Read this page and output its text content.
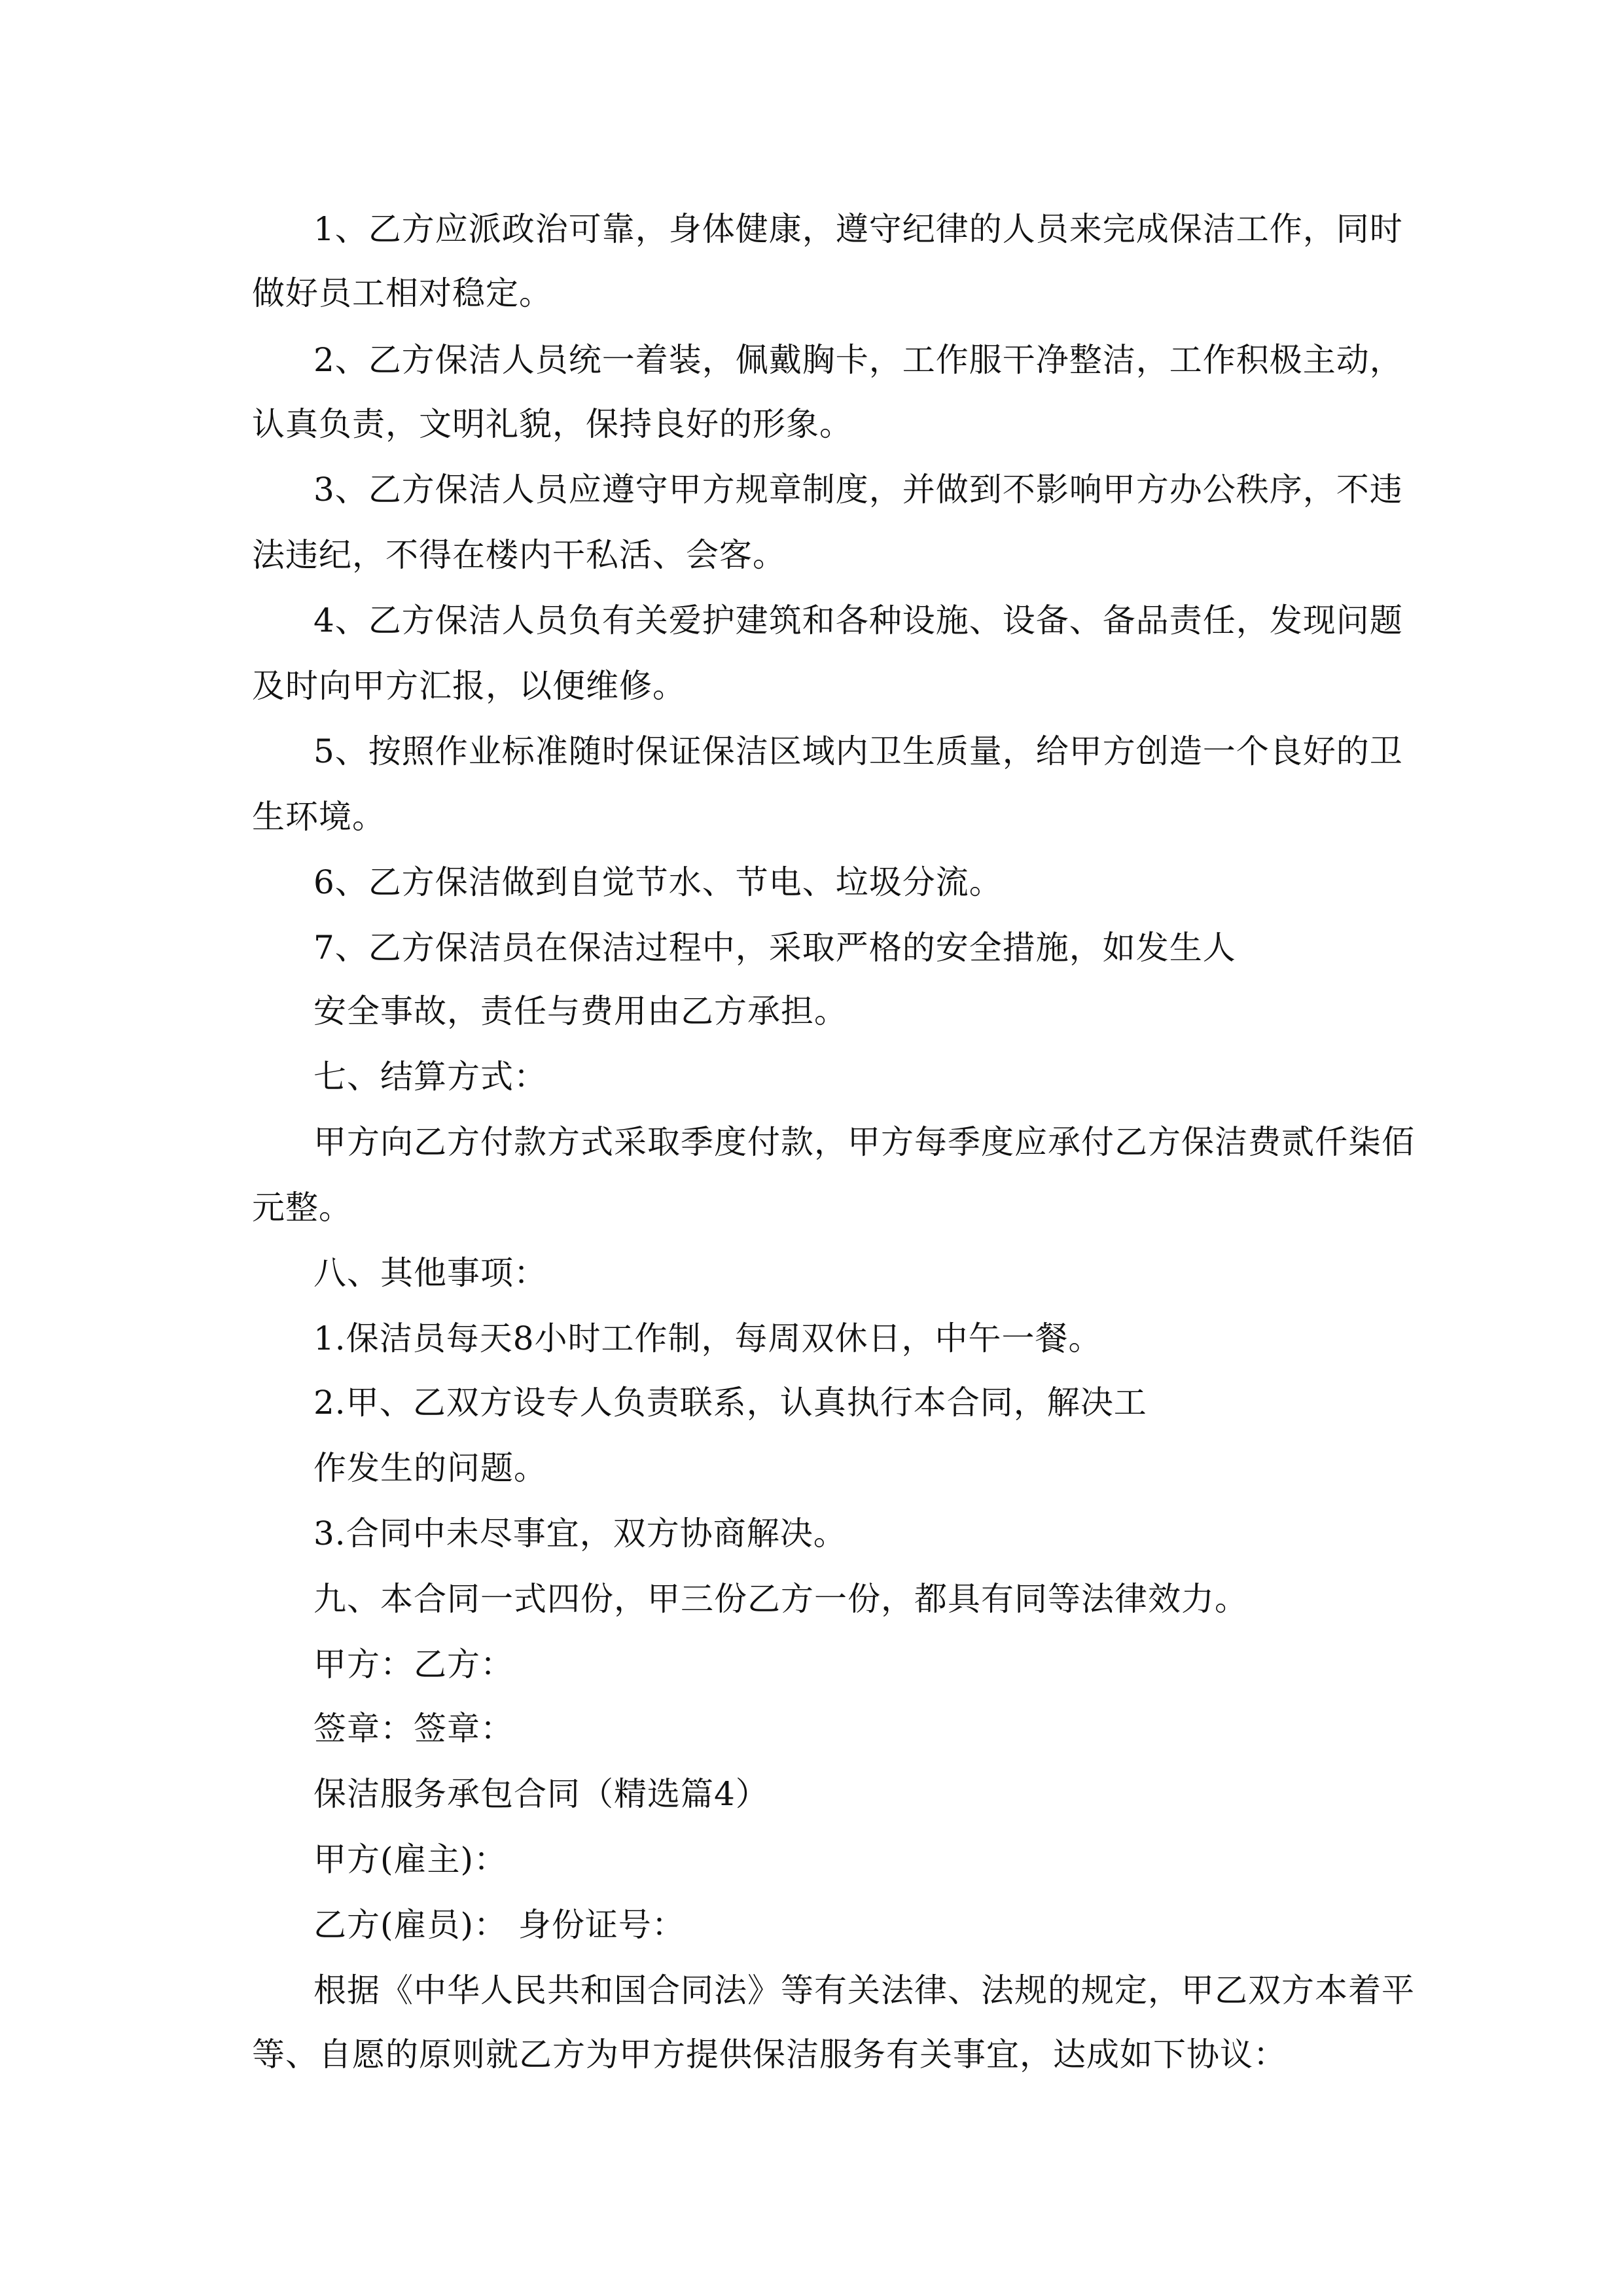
1、乙方应派政治可靠，身体健康，遵守纪律的人员来完成保洁工作，同时
做好员工相对稳定。
2、乙方保洁人员统一着装，佩戴胸卡，工作服干净整洁，工作积极主动，
认真负责，文明礼貌，保持良好的形象。
3、乙方保洁人员应遵守甲方规章制度，并做到不影响甲方办公秩序，不违
法违纪，不得在楼内干私活、会客。
4、乙方保洁人员负有关爱护建筑和各种设施、设备、备品责任，发现问题
及时向甲方汇报，以便维修。
5、按照作业标准随时保证保洁区域内卫生质量，给甲方创造一个良好的卫
生环境。
6、乙方保洁做到自觉节水、节电、垃圾分流。
7、乙方保洁员在保洁过程中，采取严格的安全措施，如发生人
安全事故，责任与费用由乙方承担。
七、结算方式：
甲方向乙方付款方式采取季度付款，甲方每季度应承付乙方保洁费贰仟柒佰
元整。
八、其他事项：
1.保洁员每天8小时工作制，每周双休日，中午一餐。
2.甲、乙双方设专人负责联系，认真执行本合同，解决工
作发生的问题。
3.合同中未尽事宜，双方协商解决。
九、本合同一式四份，甲三份乙方一份，都具有同等法律效力。
甲方：乙方：
签章：签章：
保洁服务承包合同（精选篇4）
甲方(雇主)：
乙方(雇员)： 身份证号：
根据《中华人民共和国合同法》等有关法律、法规的规定，甲乙双方本着平
等、自愿的原则就乙方为甲方提供保洁服务有关事宜，达成如下协议：
